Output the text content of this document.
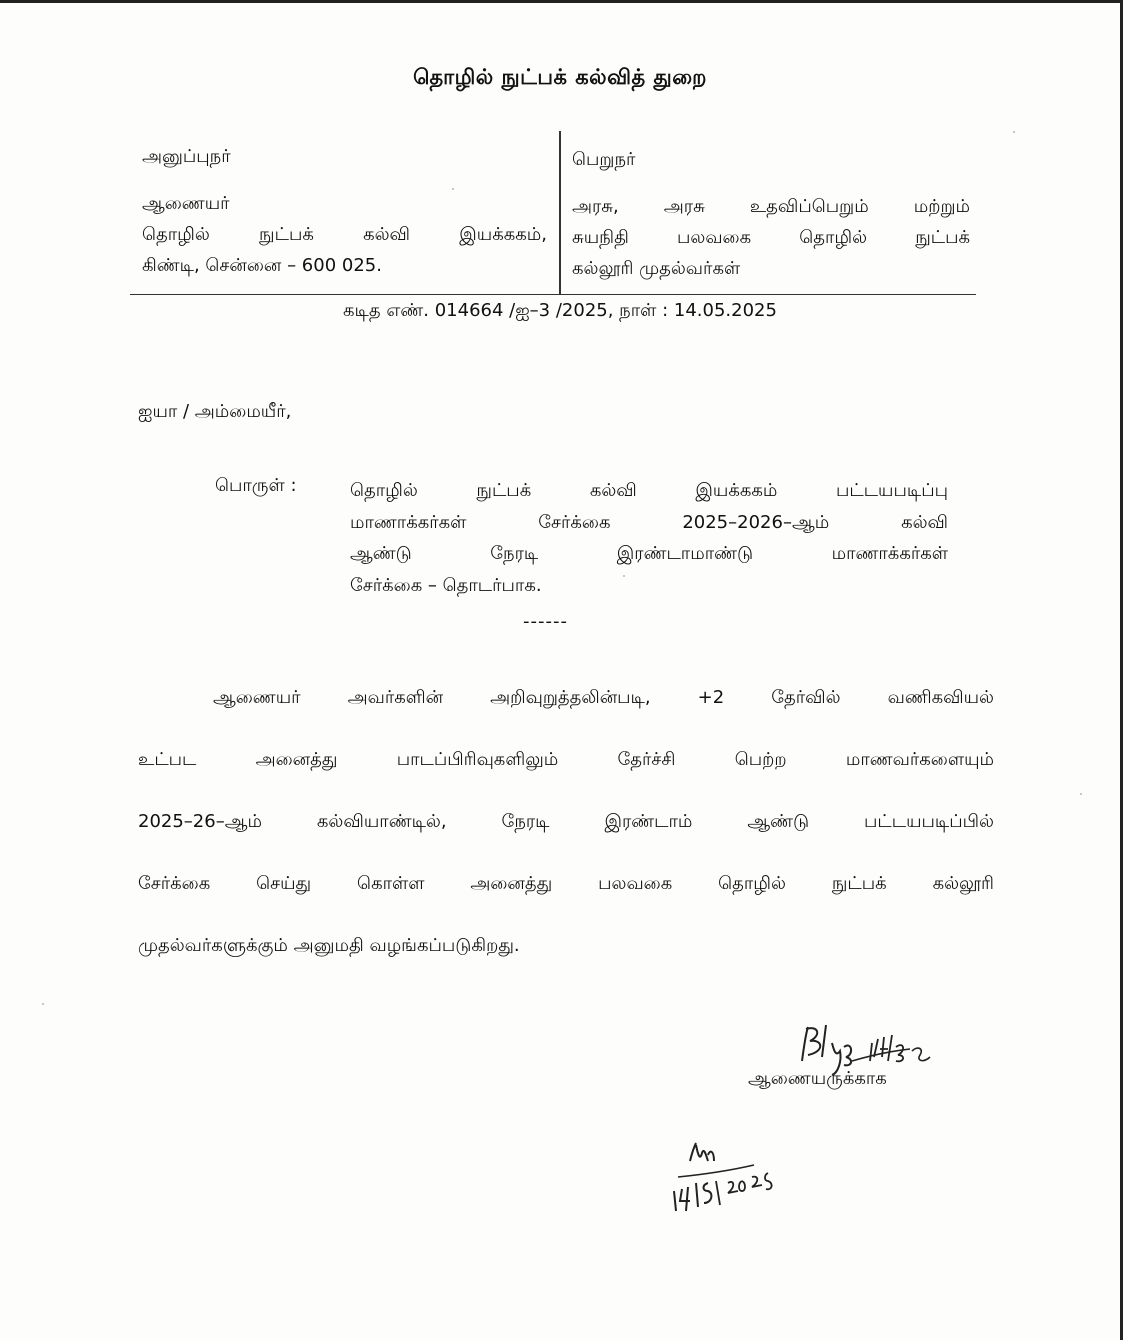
தொழில் நுட்பக் கல்வித் துறை
அனுப்புநர்
ஆணையர்
தொழில் நுட்பக் கல்வி இயக்ககம்,
கிண்டி, சென்னை – 600 025.
பெறுநர்
அரசு, அரசு உதவிப்பெறும் மற்றும்
சுயநிதி பலவகை தொழில் நுட்பக்
கல்லூரி முதல்வர்கள்
கடித எண். 014664 /ஐ–3 /2025, நாள் : 14.05.2025
ஐயா / அம்மையீர்,
பொருள் :	தொழில் நுட்பக் கல்வி இயக்ககம் பட்டயபடிப்பு
மாணாக்கர்கள் சேர்க்கை 2025–2026–ஆம் கல்வி
ஆண்டு நேரடி இரண்டாமாண்டு மாணாக்கர்கள்
சேர்க்கை – தொடர்பாக.
------
ஆணையர் அவர்களின் அறிவுறுத்தலின்படி, +2 தேர்வில் வணிகவியல்
உட்பட அனைத்து பாடப்பிரிவுகளிலும் தேர்ச்சி பெற்ற மாணவர்களையும்
2025–26–ஆம் கல்வியாண்டில், நேரடி இரண்டாம் ஆண்டு பட்டயபடிப்பில்
சேர்க்கை செய்து கொள்ள அனைத்து பலவகை தொழில் நுட்பக் கல்லூரி
முதல்வர்களுக்கும் அனுமதி வழங்கப்படுகிறது.
ஆணையருக்காக
